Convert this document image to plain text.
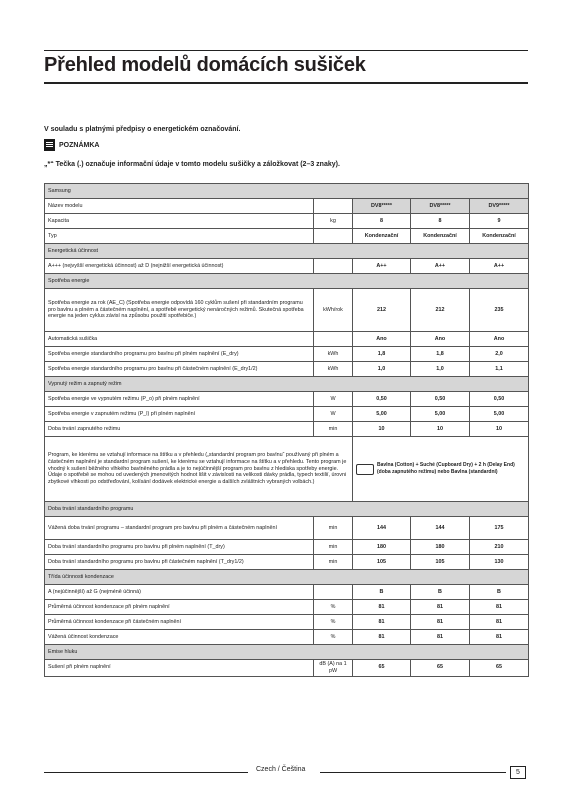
Přehled modelů domácích sušiček
V souladu s platnými předpisy o energetickém označování.
POZNÁMKA
„*“ Tečka (.) označuje informační údaje v tomto modelu sušičky a záložkovat (2–3 znaky).
Samsung				
Název modelu		DV8*****	DV8*****	DV9*****
Kapacita	kg	8	8	9
Typ		Kondenzační	Kondenzační	Kondenzační
Energetická účinnost				
A+++ (nejvyšší energetická účinnost) až D (nejnižší energetická účinnost)		A++	A++	A++
Spotřeba energie				
Spotřeba energie za rok (AE_C) (Spotřeba energie odpovídá 160 cyklům sušení při standardním programu pro bavlnu a plném a částečném naplnění, a spotřebě energetický nenáročných režimů. Skutečná spotřeba energie na jeden cyklus závisí na způsobu použití spotřebiče.)	kWh/rok	212	212	235
Automatická sušička		Ano	Ano	Ano
Spotřeba energie standardního programu pro bavlnu při plném naplnění (E_dry)	kWh	1,8	1,8	2,0
Spotřeba energie standardního programu pro bavlnu při částečném naplnění (E_dry1/2)	kWh	1,0	1,0	1,1
Vypnutý režim a zapnutý režim				
Spotřeba energie ve vypnutém režimu (P_o) při plném naplnění	W	0,50	0,50	0,50
Spotřeba energie v zapnutém režimu (P_l) při plném naplnění	W	5,00	5,00	5,00
Doba trvání zapnutého režimu	min	10	10	10
Program, ke kterému se vztahují informace na štítku a v přehledu („standardní program pro bavlnu“ používaný při plném a částečném naplnění je standardní program sušení, ke kterému se vztahují informace na štítku a v přehledu. Tento program je vhodný k sušení běžného vlhkého bavlněného prádla a je to nejúčinnější program pro bavlnu z hlediska spotřeby energie. Údaje o spotřebě se mohou od uvedených jmenovitých hodnot lišit v závislosti na velikosti dávky prádla, typech textilií, úrovni zbytkové vlhkosti po odstřeďování, kolísání dodávek elektrické energie a dalších zvláštních vybraných volbách.)		Bavlna (Cotton) + Suché (Cupboard Dry) + 2 h (Delay End) (doba zapnutého režimu) nebo Bavlna (standardní)		

Doba trvání standardního programu				
Vážená doba trvání programu – standardní program pro bavlnu při plném a částečném naplnění	min	144	144	175
Doba trvání standardního programu pro bavlnu při plném naplnění (T_dry)	min	180	180	210
Doba trvání standardního programu pro bavlnu při částečném naplnění (T_dry1/2)	min	105	105	130
Třída účinnosti kondenzace				
A (nejúčinnější) až G (nejméně účinná)		B	B	B
Průměrná účinnost kondenzace při plném naplnění	%	81	81	81
Průměrná účinnost kondenzace při částečném naplnění	%	81	81	81
Vážená účinnost kondenzace	%	81	81	81
Emise hluku				
Sušení při plném naplnění	dB (A) na 1 pW	65	65	65
Czech / Čeština	5
